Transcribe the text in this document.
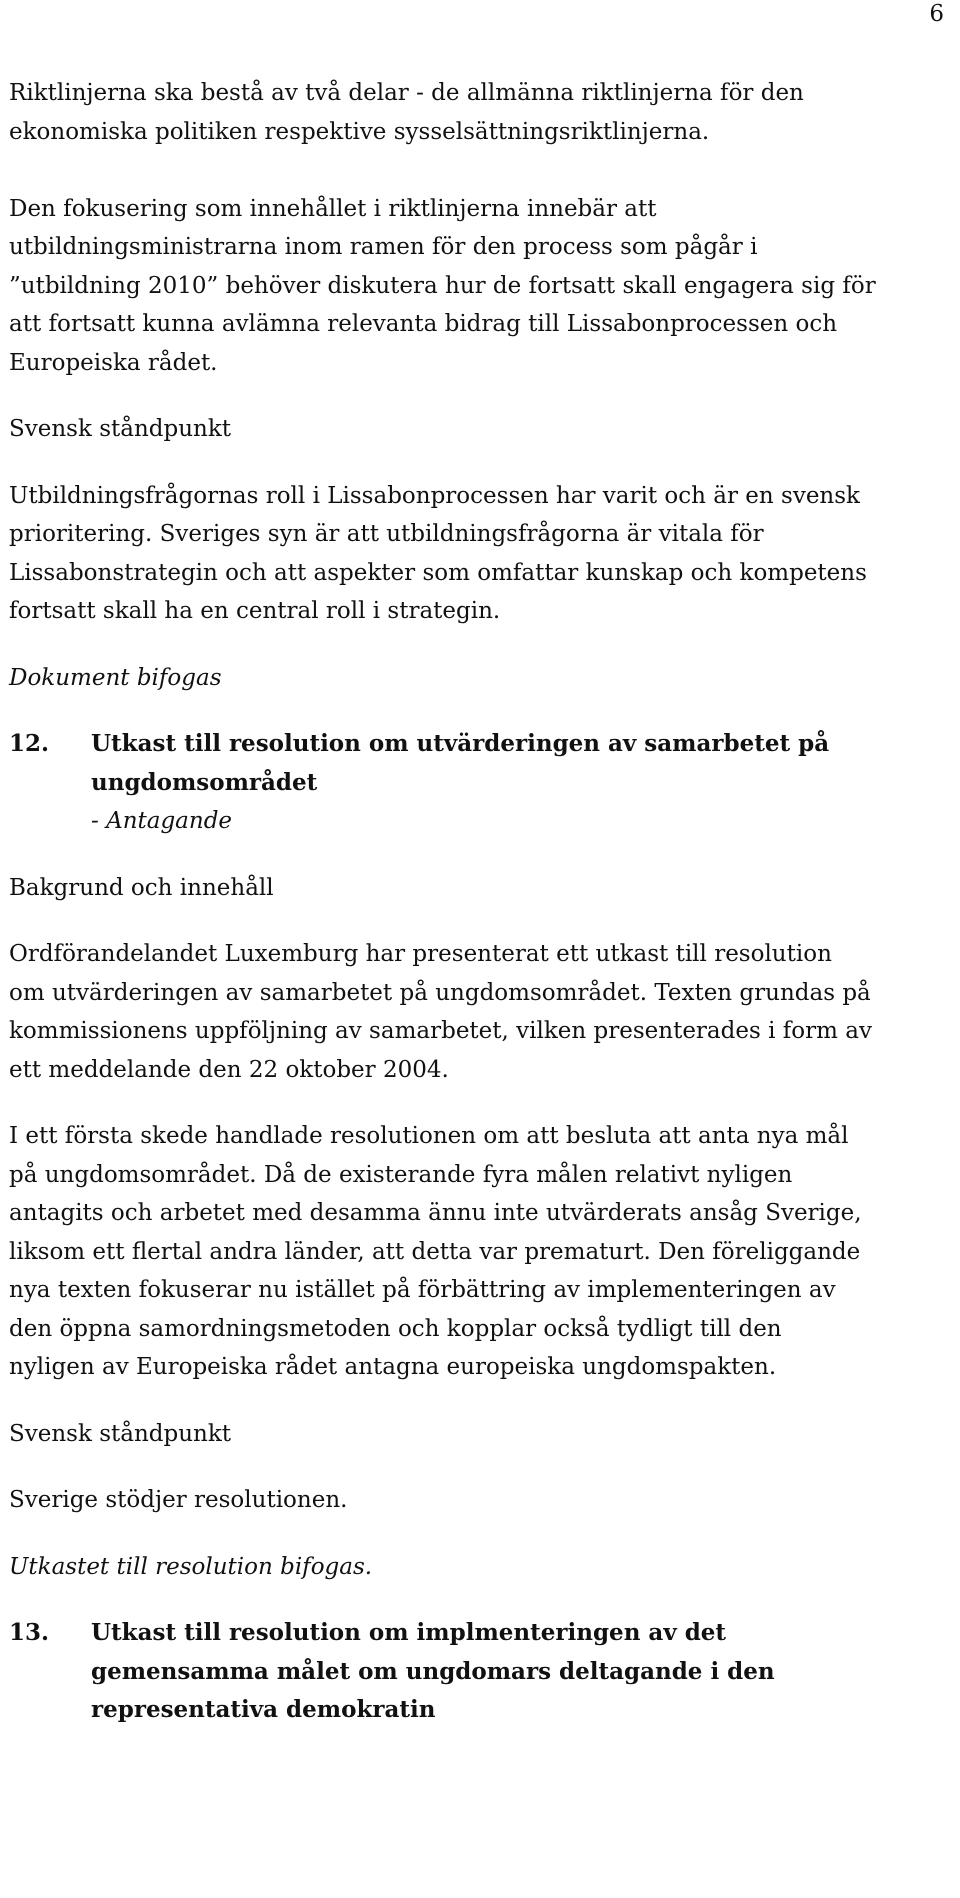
6

Riktlinjerna ska bestå av två delar - de allmänna riktlinjerna för den
ekonomiska politiken respektive sysselsättningsriktlinjerna.

Den fokusering som innehållet i riktlinjerna innebär att
utbildningsministrarna inom ramen för den process som pågår i
”utbildning 2010” behöver diskutera hur de fortsatt skall engagera sig för
att fortsatt kunna avlämna relevanta bidrag till Lissabonprocessen och
Europeiska rådet.

Svensk ståndpunkt

Utbildningsfrågornas roll i Lissabonprocessen har varit och är en svensk
prioritering. Sveriges syn är att utbildningsfrågorna är vitala för
Lissabonstrategin och att aspekter som omfattar kunskap och kompetens
fortsatt skall ha en central roll i strategin.

Dokument bifogas

12.	Utkast till resolution om utvärderingen av samarbetet på
ungdomsområdet
- Antagande

Bakgrund och innehåll

Ordförandelandet Luxemburg har presenterat ett utkast till resolution
om utvärderingen av samarbetet på ungdomsområdet. Texten grundas på
kommissionens uppföljning av samarbetet, vilken presenterades i form av
ett meddelande den 22 oktober 2004.

I ett första skede handlade resolutionen om att besluta att anta nya mål
på ungdomsområdet. Då de existerande fyra målen relativt nyligen
antagits och arbetet med desamma ännu inte utvärderats ansåg Sverige,
liksom ett flertal andra länder, att detta var prematurt. Den föreliggande
nya texten fokuserar nu istället på förbättring av implementeringen av
den öppna samordningsmetoden och kopplar också tydligt till den
nyligen av Europeiska rådet antagna europeiska ungdomspakten.

Svensk ståndpunkt

Sverige stödjer resolutionen.

Utkastet till resolution bifogas.

13.	Utkast till resolution om implmenteringen av det
gemensamma målet om ungdomars deltagande i den
representativa demokratin
